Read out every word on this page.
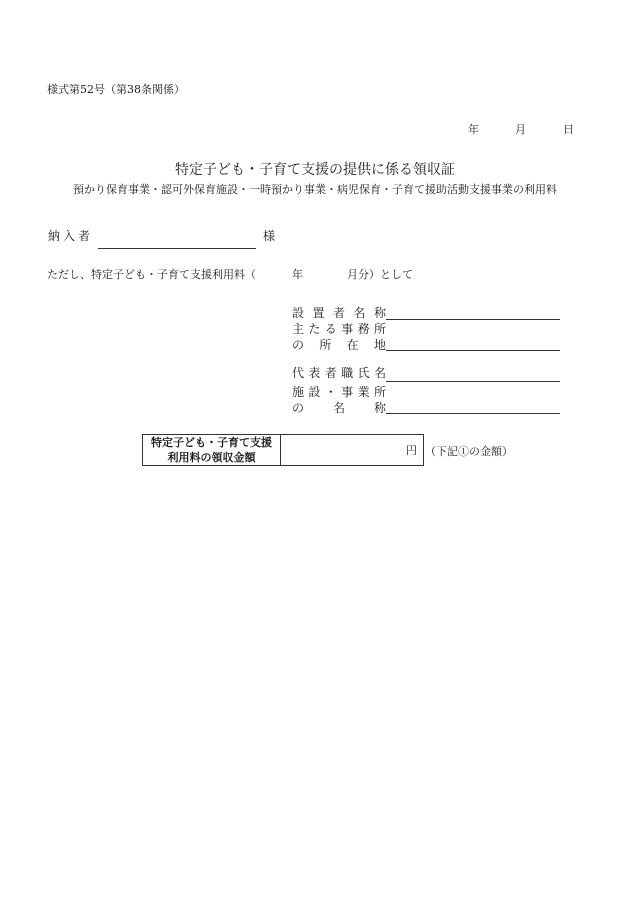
様式第52号（第38条関係）
年	月	日
特定子ども・子育て支援の提供に係る領収証
預かり保育事業・認可外保育施設・一時預かり事業・病児保育・子育て援助活動支援事業の利用料
納入者	様
ただし、特定子ども・子育て支援利用料（	年	月分）として
設置者名称
主たる事務所
の所在地
代表者職氏名
施設・事業所
の名称
特定子ども・子育て支援
利用料の領収金額
	円 （下記①の金額）
